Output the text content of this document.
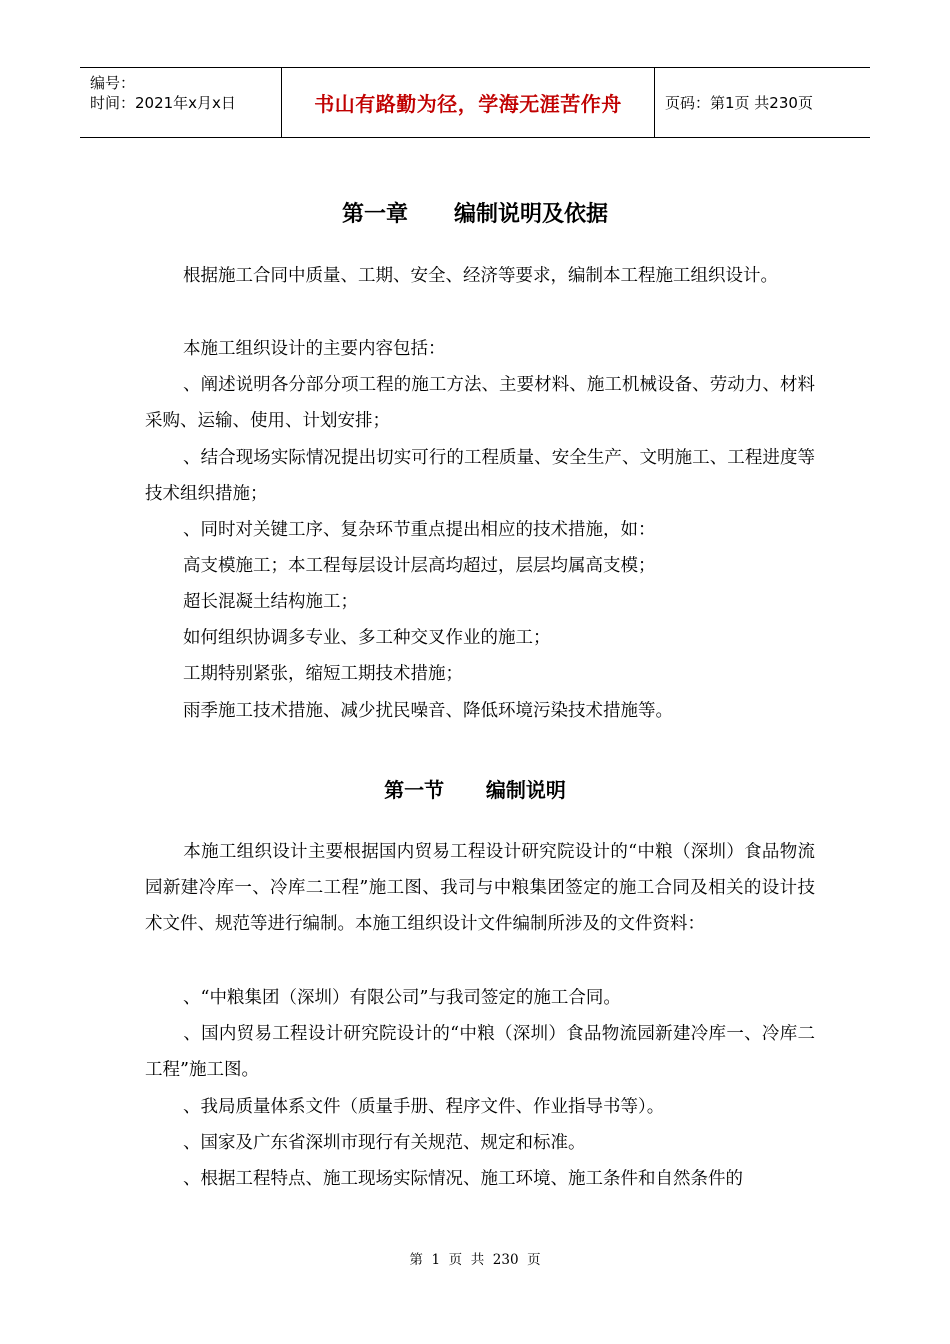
编号：
时间：2021年x月x日	书山有路勤为径，学海无涯苦作舟	页码：第1页 共230页
第一章      编制说明及依据

根据施工合同中质量、工期、安全、经济等要求，编制本工程施工组织设计。

本施工组织设计的主要内容包括：

、阐述说明各分部分项工程的施工方法、主要材料、施工机械设备、劳动力、材料采购、运输、使用、计划安排；

、结合现场实际情况提出切实可行的工程质量、安全生产、文明施工、工程进度等技术组织措施；

、同时对关键工序、复杂环节重点提出相应的技术措施，如：

高支模施工；本工程每层设计层高均超过，层层均属高支模；

超长混凝土结构施工；

如何组织协调多专业、多工种交叉作业的施工；

工期特别紧张，缩短工期技术措施；

雨季施工技术措施、减少扰民噪音、降低环境污染技术措施等。

第一节      编制说明

本施工组织设计主要根据国内贸易工程设计研究院设计的“中粮（深圳）食品物流园新建冷库一、冷库二工程”施工图、我司与中粮集团签定的施工合同及相关的设计技术文件、规范等进行编制。本施工组织设计文件编制所涉及的文件资料：

、“中粮集团（深圳）有限公司”与我司签定的施工合同。

、国内贸易工程设计研究院设计的“中粮（深圳）食品物流园新建冷库一、冷库二工程”施工图。

、我局质量体系文件（质量手册、程序文件、作业指导书等）。

、国家及广东省深圳市现行有关规范、规定和标准。

、根据工程特点、施工现场实际情况、施工环境、施工条件和自然条件的

第  1  页  共  230  页
